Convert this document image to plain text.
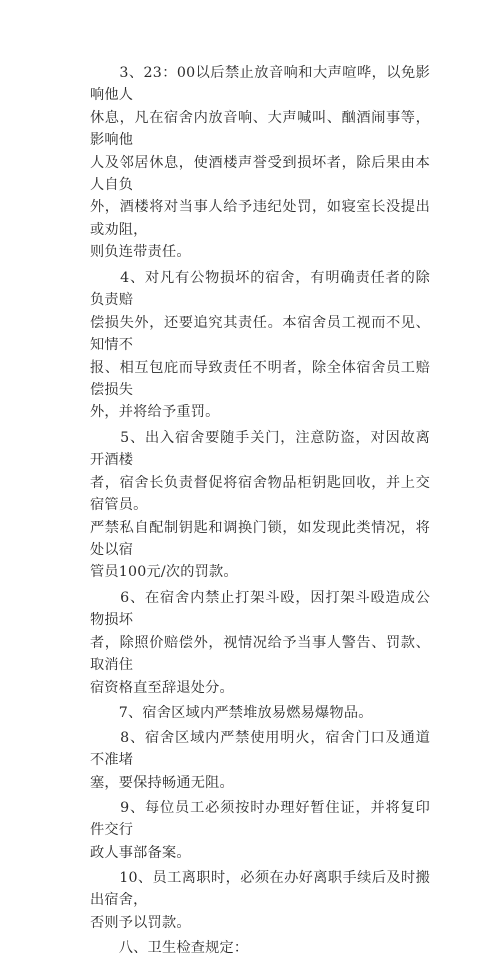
　　3、23：00以后禁止放音响和大声喧哗，以免影响他人
休息，凡在宿舍内放音响、大声喊叫、酗酒闹事等，影响他
人及邻居休息，使酒楼声誉受到损坏者，除后果由本人自负
外，酒楼将对当事人给予违纪处罚，如寝室长没提出或劝阻，
则负连带责任。

　　4、对凡有公物损坏的宿舍，有明确责任者的除负责赔
偿损失外，还要追究其责任。本宿舍员工视而不见、知情不
报、相互包庇而导致责任不明者，除全体宿舍员工赔偿损失
外，并将给予重罚。

　　5、出入宿舍要随手关门，注意防盗，对因故离开酒楼
者，宿舍长负责督促将宿舍物品柜钥匙回收，并上交宿管员。
严禁私自配制钥匙和调换门锁，如发现此类情况，将处以宿
管员100元/次的罚款。

　　6、在宿舍内禁止打架斗殴，因打架斗殴造成公物损坏
者，除照价赔偿外，视情况给予当事人警告、罚款、取消住
宿资格直至辞退处分。

　　7、宿舍区域内严禁堆放易燃易爆物品。

　　8、宿舍区域内严禁使用明火，宿舍门口及通道不准堵
塞，要保持畅通无阻。

　　9、每位员工必须按时办理好暂住证，并将复印件交行
政人事部备案。

　　10、员工离职时，必须在办好离职手续后及时搬出宿舍，
否则予以罚款。

　　八、卫生检查规定：
